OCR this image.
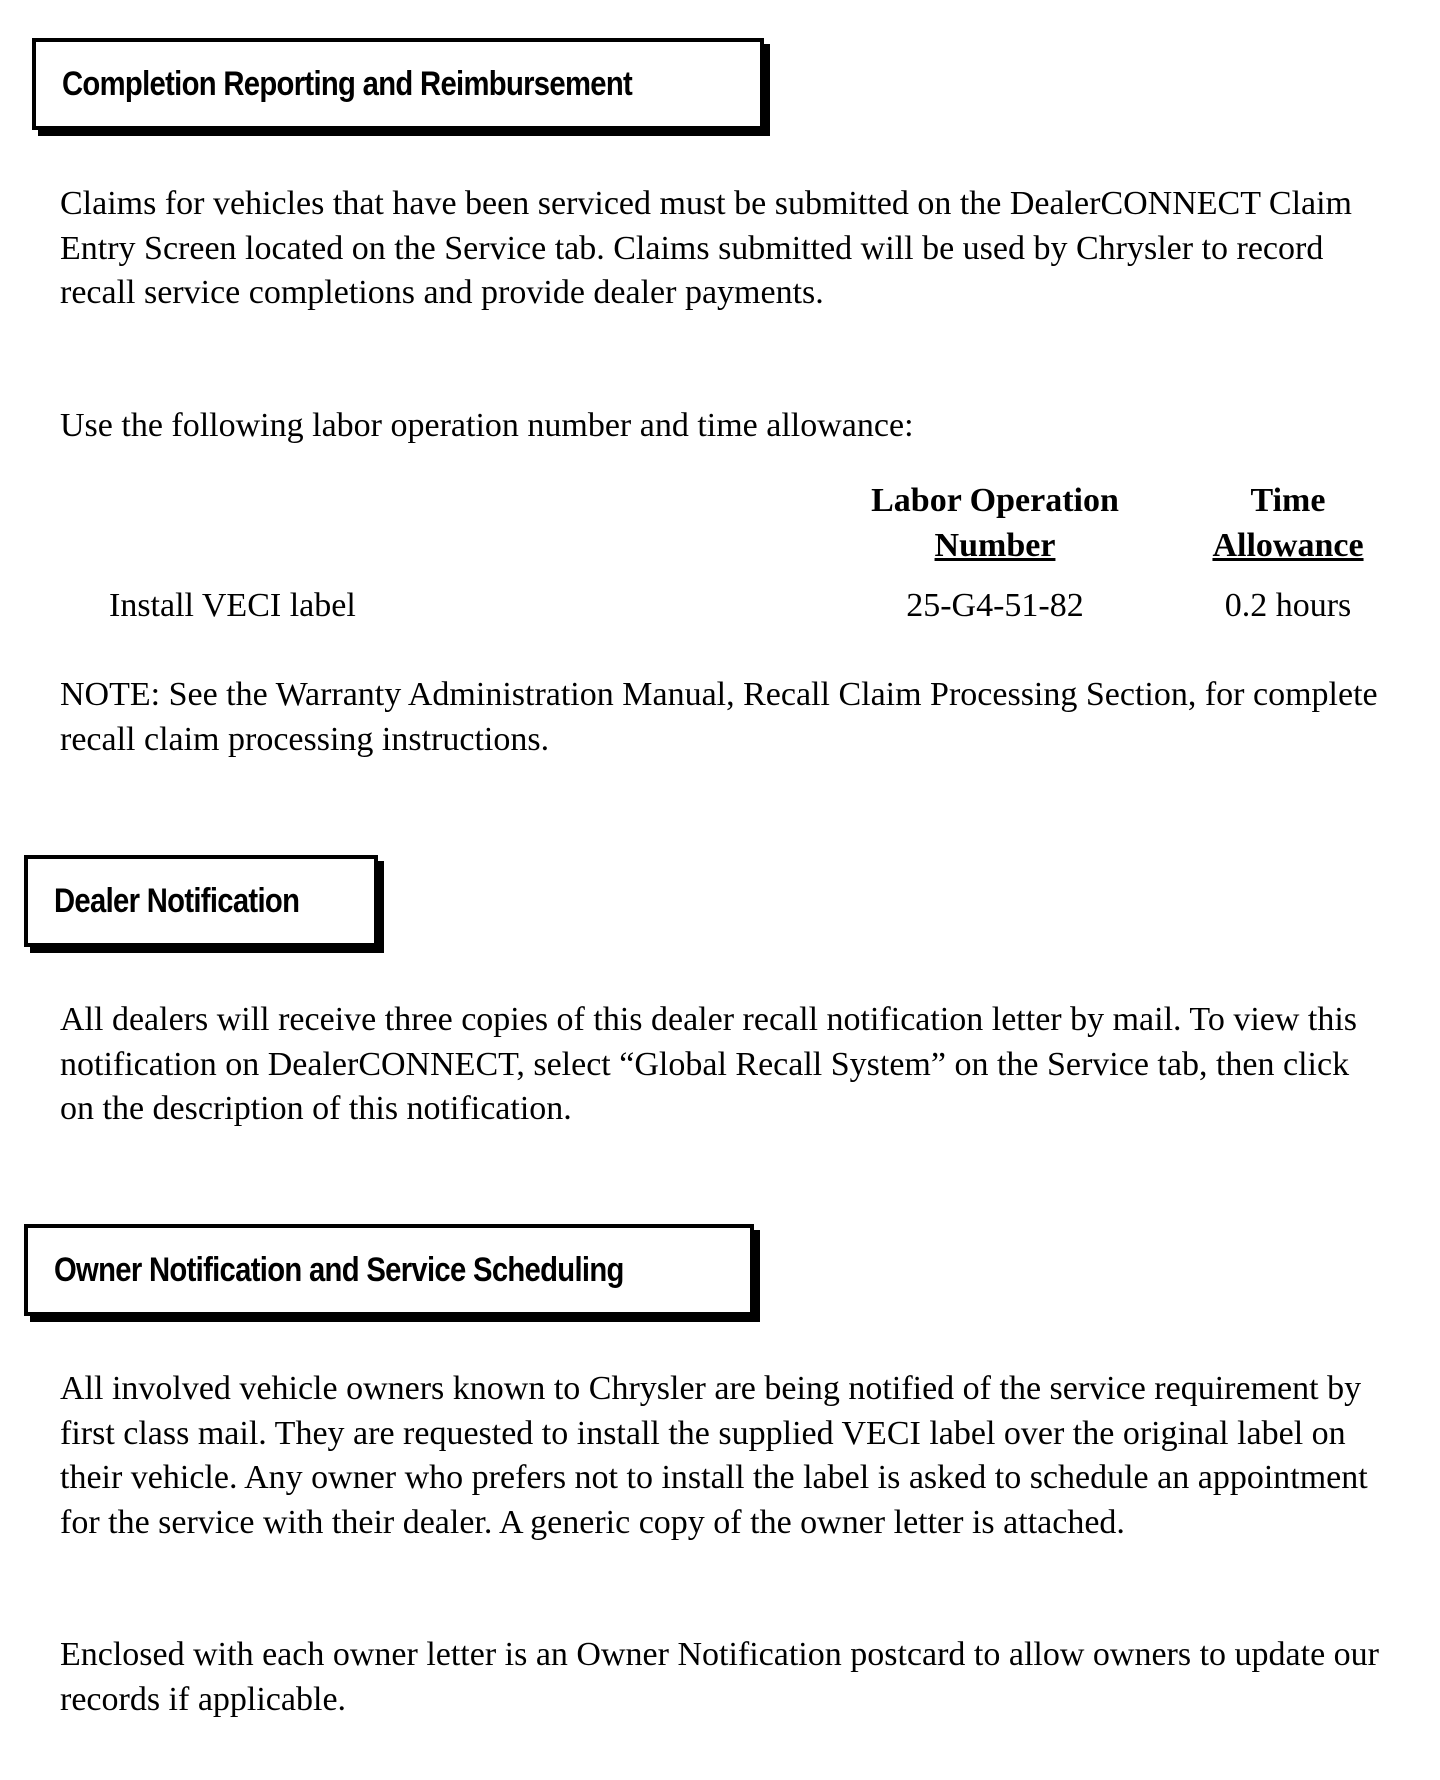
Completion Reporting and Reimbursement

Claims for vehicles that have been serviced must be submitted on the DealerCONNECT Claim Entry Screen located on the Service tab. Claims submitted will be used by Chrysler to record recall service completions and provide dealer payments.

Use the following labor operation number and time allowance:

Labor Operation
Number
Time
Allowance
Install VECI label	25-G4-51-82	0.2 hours

NOTE: See the Warranty Administration Manual, Recall Claim Processing Section, for complete recall claim processing instructions.

Dealer Notification

All dealers will receive three copies of this dealer recall notification letter by mail. To view this notification on DealerCONNECT, select “Global Recall System” on the Service tab, then click on the description of this notification.

Owner Notification and Service Scheduling

All involved vehicle owners known to Chrysler are being notified of the service requirement by first class mail. They are requested to install the supplied VECI label over the original label on their vehicle. Any owner who prefers not to install the label is asked to schedule an appointment for the service with their dealer. A generic copy of the owner letter is attached.

Enclosed with each owner letter is an Owner Notification postcard to allow owners to update our records if applicable.
